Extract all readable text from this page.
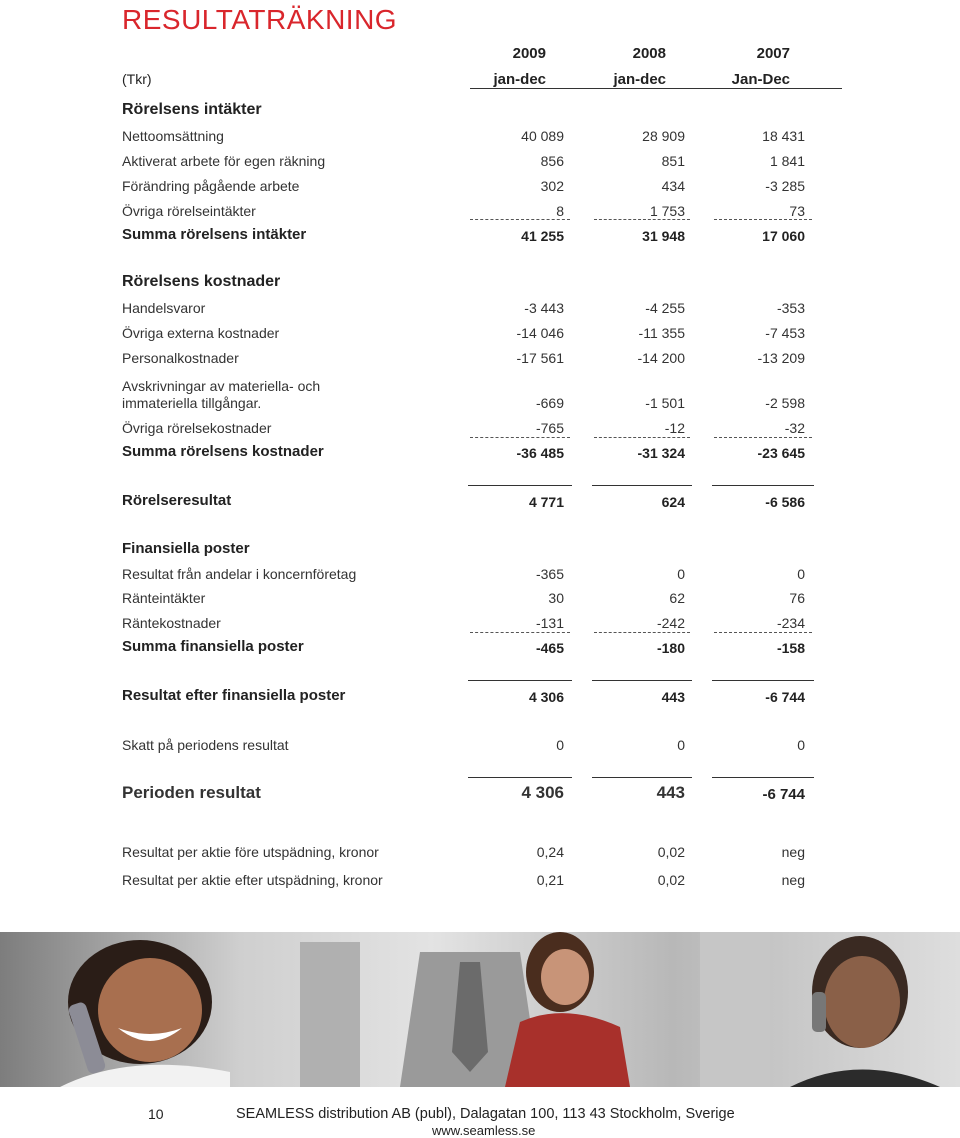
RESULTATRÄKNING
2009	2008	2007
(Tkr)	jan-dec	jan-dec	Jan-Dec
Rörelsens intäkter
Nettoomsättning	40 089	28 909	18 431
Aktiverat arbete för egen räkning	856	851	1 841
Förändring pågående arbete	302	434	-3 285
Övriga rörelseintäkter	8	1 753	73
Summa rörelsens intäkter	41 255	31 948	17 060
Rörelsens kostnader
Handelsvaror	-3 443	-4 255	-353
Övriga externa kostnader	-14 046	-11 355	-7 453
Personalkostnader	-17 561	-14 200	-13 209
Avskrivningar av materiella- och
immateriella tillgångar.	-669	-1 501	-2 598
Övriga rörelsekostnader	-765	-12	-32
Summa rörelsens kostnader	-36 485	-31 324	-23 645
Rörelseresultat	4 771	624	-6 586
Finansiella poster
Resultat från andelar i koncernföretag	-365	0	0
Ränteintäkter	30	62	76
Räntekostnader	-131	-242	-234
Summa finansiella poster	-465	-180	-158
Resultat efter finansiella poster	4 306	443	-6 744
Skatt på periodens resultat	0	0	0
Perioden resultat	4 306	443	-6 744
Resultat per aktie före utspädning, kronor	0,24	0,02	neg
Resultat per aktie efter utspädning, kronor	0,21	0,02	neg
10	SEAMLESS distribution AB (publ), Dalagatan 100, 113 43 Stockholm, Sverige
www.seamless.se
